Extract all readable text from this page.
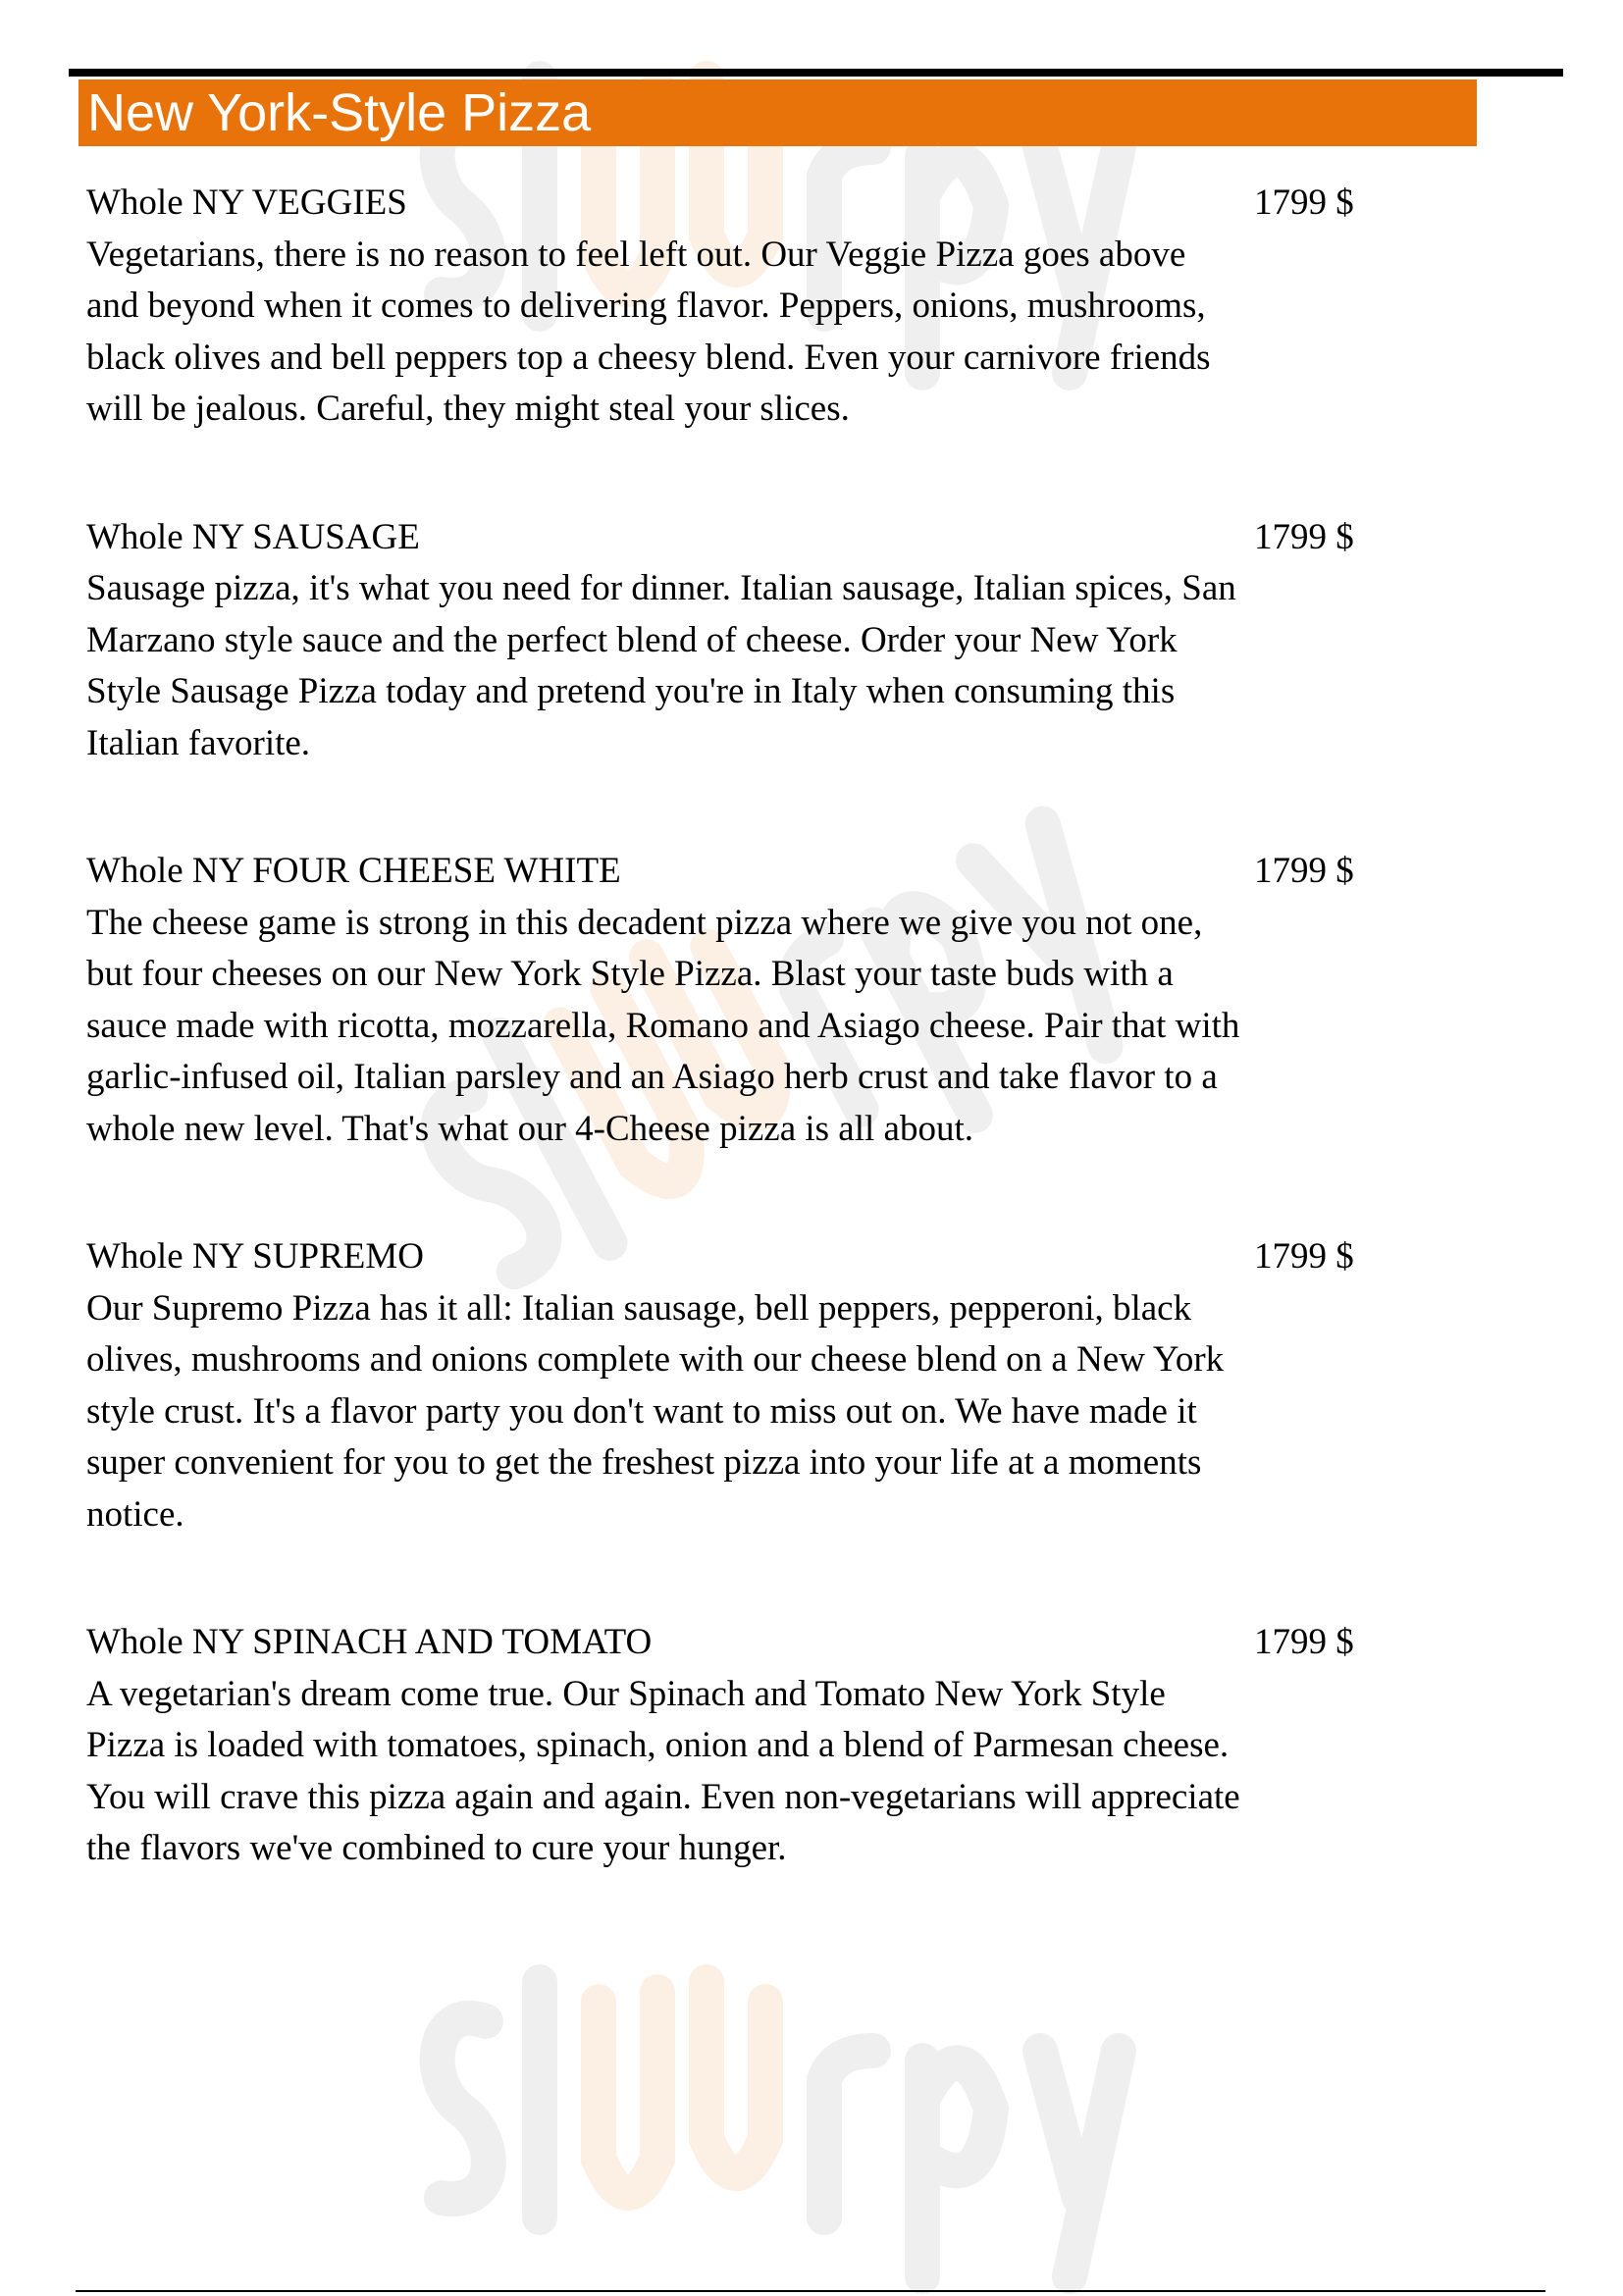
New York-Style Pizza
Whole NY VEGGIES	1799 $
Vegetarians, there is no reason to feel left out. Our Veggie Pizza goes above and beyond when it comes to delivering flavor. Peppers, onions, mushrooms, black olives and bell peppers top a cheesy blend. Even your carnivore friends will be jealous. Careful, they might steal your slices.
Whole NY SAUSAGE	1799 $
Sausage pizza, it's what you need for dinner. Italian sausage, Italian spices, San Marzano style sauce and the perfect blend of cheese. Order your New York Style Sausage Pizza today and pretend you're in Italy when consuming this Italian favorite.
Whole NY FOUR CHEESE WHITE	1799 $
The cheese game is strong in this decadent pizza where we give you not one, but four cheeses on our New York Style Pizza. Blast your taste buds with a sauce made with ricotta, mozzarella, Romano and Asiago cheese. Pair that with garlic-infused oil, Italian parsley and an Asiago herb crust and take flavor to a whole new level. That's what our 4-Cheese pizza is all about.
Whole NY SUPREMO	1799 $
Our Supremo Pizza has it all: Italian sausage, bell peppers, pepperoni, black olives, mushrooms and onions complete with our cheese blend on a New York style crust. It's a flavor party you don't want to miss out on. We have made it super convenient for you to get the freshest pizza into your life at a moments notice.
Whole NY SPINACH AND TOMATO	1799 $
A vegetarian's dream come true. Our Spinach and Tomato New York Style Pizza is loaded with tomatoes, spinach, onion and a blend of Parmesan cheese. You will crave this pizza again and again. Even non-vegetarians will appreciate the flavors we've combined to cure your hunger.
